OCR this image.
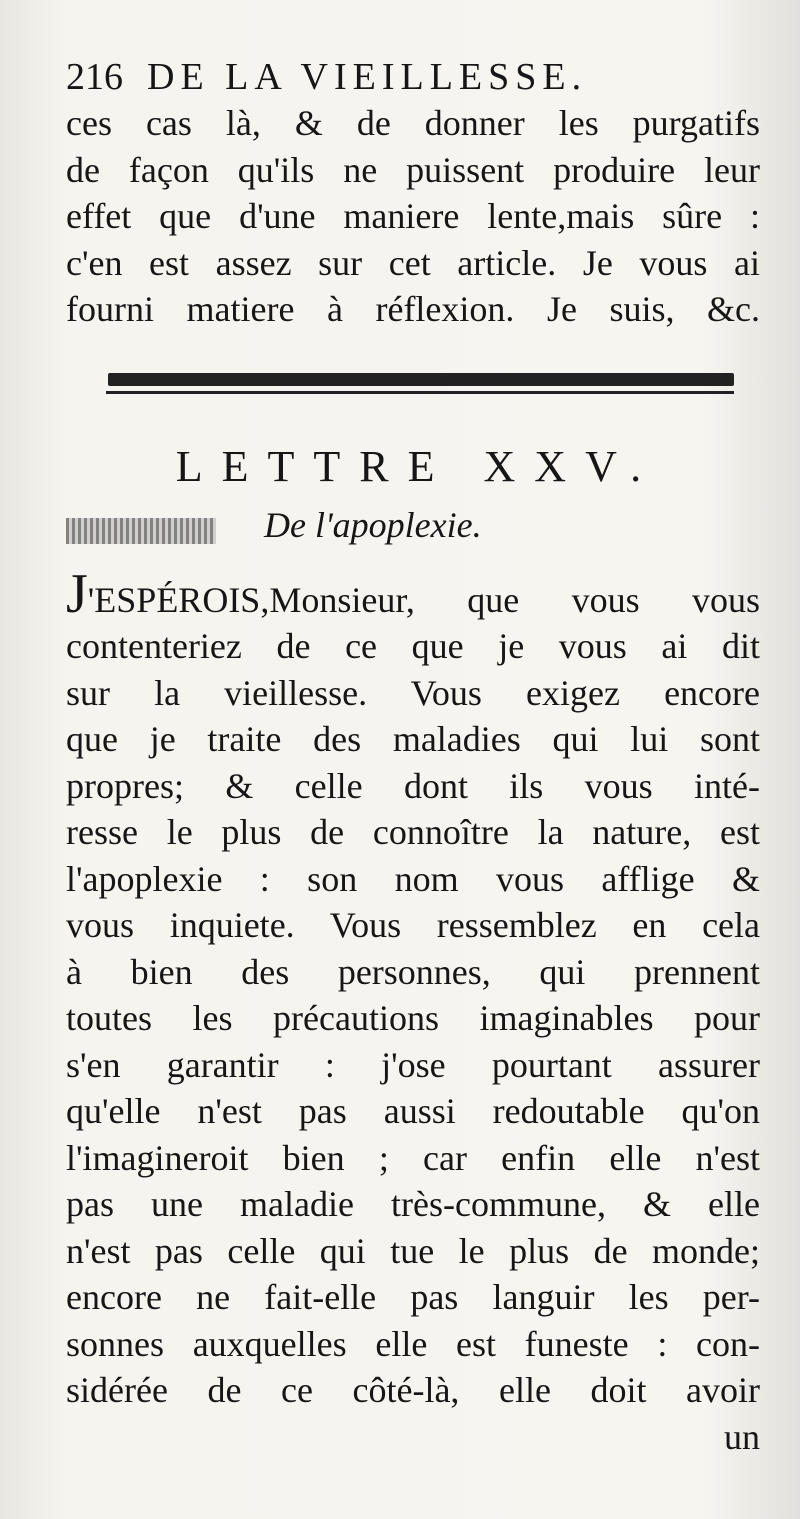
216 DE LA VIEILLESSE.
ces cas là, & de donner les purgatifs
de façon qu'ils ne puissent produire leur
effet que d'une maniere lente,mais sûre :
c'en est assez sur cet article. Je vous ai
fourni matiere à réflexion. Je suis, &c.
LETTRE XXV.
De l'apoplexie.
J'ESPÉROIS,Monsieur, que vous vous
contenteriez de ce que je vous ai dit
sur la vieillesse. Vous exigez encore
que je traite des maladies qui lui sont
propres; & celle dont ils vous inté-
resse le plus de connoître la nature, est
l'apoplexie : son nom vous afflige &
vous inquiete. Vous ressemblez en cela
à bien des personnes, qui prennent
toutes les précautions imaginables pour
s'en garantir : j'ose pourtant assurer
qu'elle n'est pas aussi redoutable qu'on
l'imagineroit bien ; car enfin elle n'est
pas une maladie très-commune, & elle
n'est pas celle qui tue le plus de monde;
encore ne fait-elle pas languir les per-
sonnes auxquelles elle est funeste : con-
sidérée de ce côté-là, elle doit avoir
un
